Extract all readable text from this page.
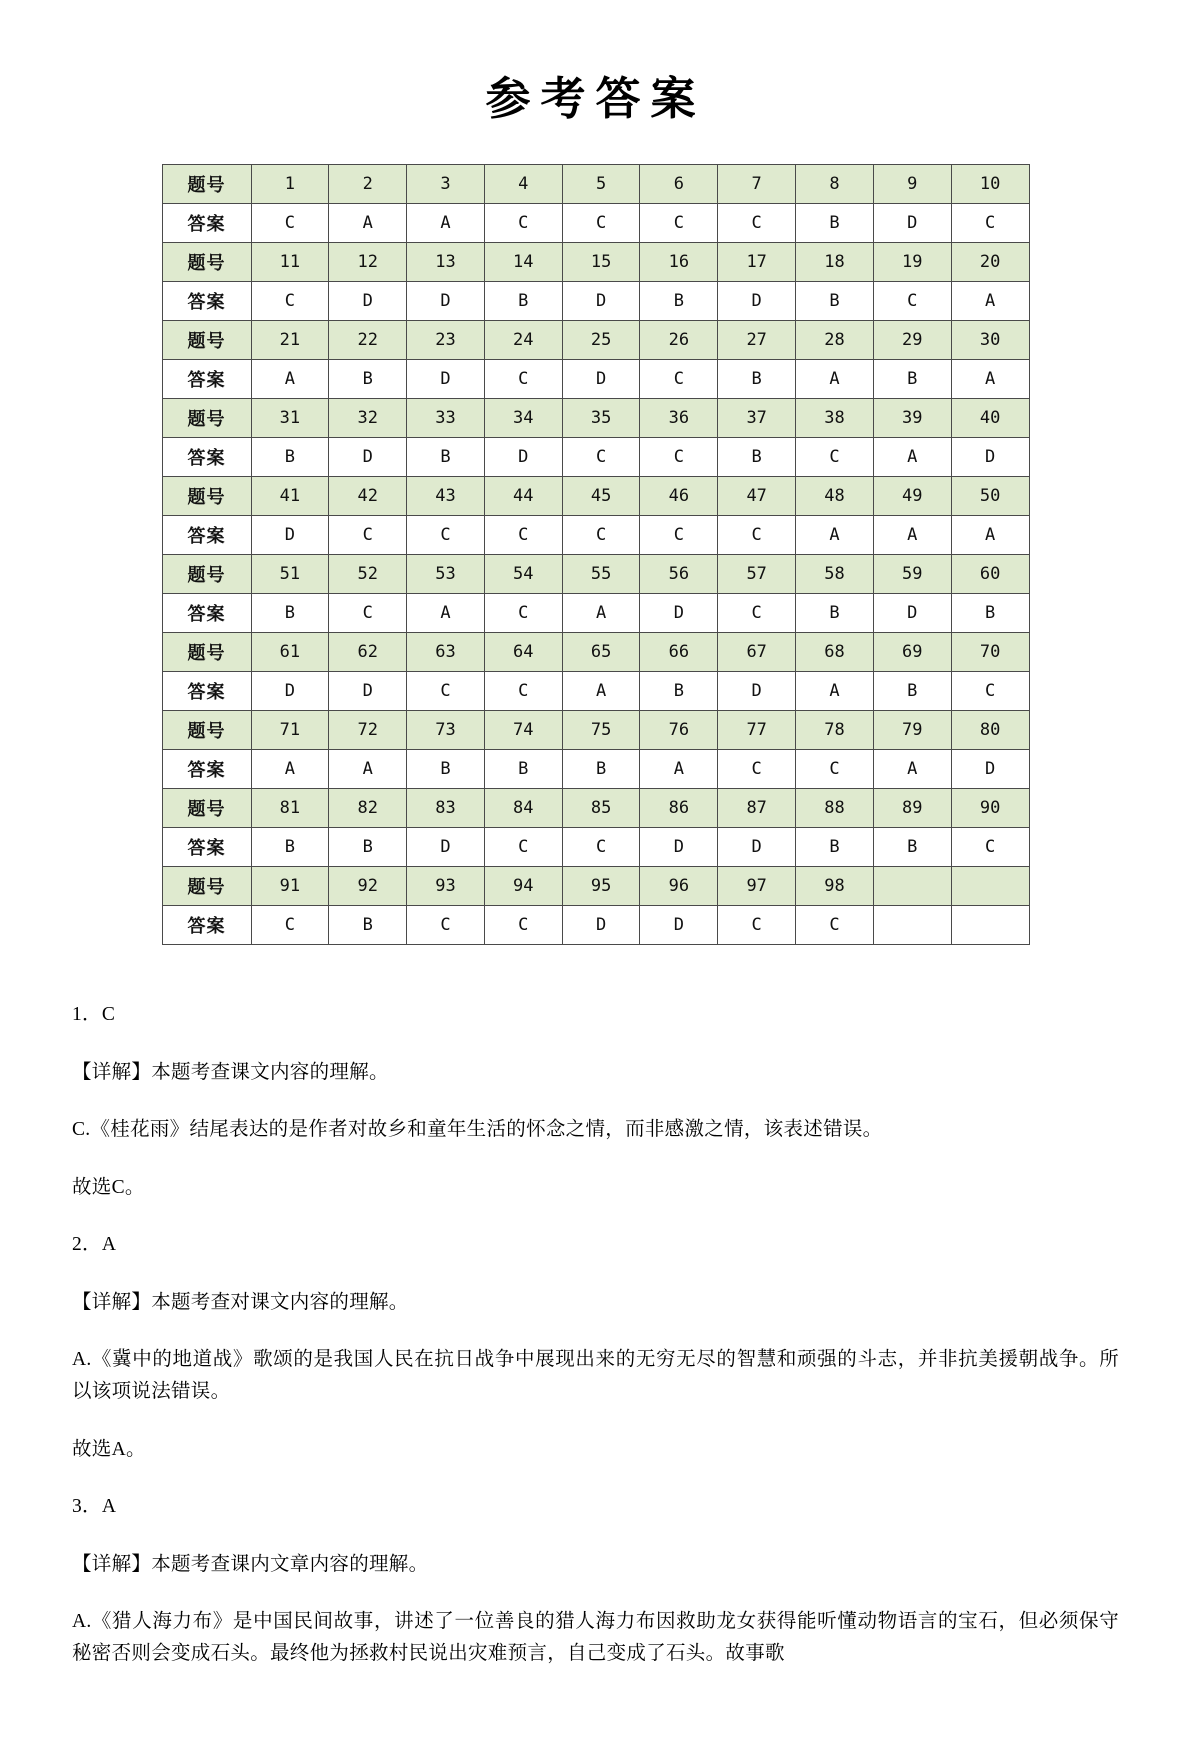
参考答案
题号	1	2	3	4	5	6	7	8	9	10
答案	C	A	A	C	C	C	C	B	D	C
题号	11	12	13	14	15	16	17	18	19	20
答案	C	D	D	B	D	B	D	B	C	A
题号	21	22	23	24	25	26	27	28	29	30
答案	A	B	D	C	D	C	B	A	B	A
题号	31	32	33	34	35	36	37	38	39	40
答案	B	D	B	D	C	C	B	C	A	D
题号	41	42	43	44	45	46	47	48	49	50
答案	D	C	C	C	C	C	C	A	A	A
题号	51	52	53	54	55	56	57	58	59	60
答案	B	C	A	C	A	D	C	B	D	B
题号	61	62	63	64	65	66	67	68	69	70
答案	D	D	C	C	A	B	D	A	B	C
题号	71	72	73	74	75	76	77	78	79	80
答案	A	A	B	B	B	A	C	C	A	D
题号	81	82	83	84	85	86	87	88	89	90
答案	B	B	D	C	C	D	D	B	B	C
题号	91	92	93	94	95	96	97	98		
答案	C	B	C	C	D	D	C	C		

1．C

【详解】本题考查课文内容的理解。

C.《桂花雨》结尾表达的是作者对故乡和童年生活的怀念之情，而非感激之情，该表述错误。

故选C。

2．A

【详解】本题考查对课文内容的理解。

A.《冀中的地道战》歌颂的是我国人民在抗日战争中展现出来的无穷无尽的智慧和顽强的斗志，并非抗美援朝战争。所以该项说法错误。

故选A。

3．A

【详解】本题考查课内文章内容的理解。

A.《猎人海力布》是中国民间故事，讲述了一位善良的猎人海力布因救助龙女获得能听懂动物语言的宝石，但必须保守秘密否则会变成石头。最终他为拯救村民说出灾难预言，自己变成了石头。故事歌
